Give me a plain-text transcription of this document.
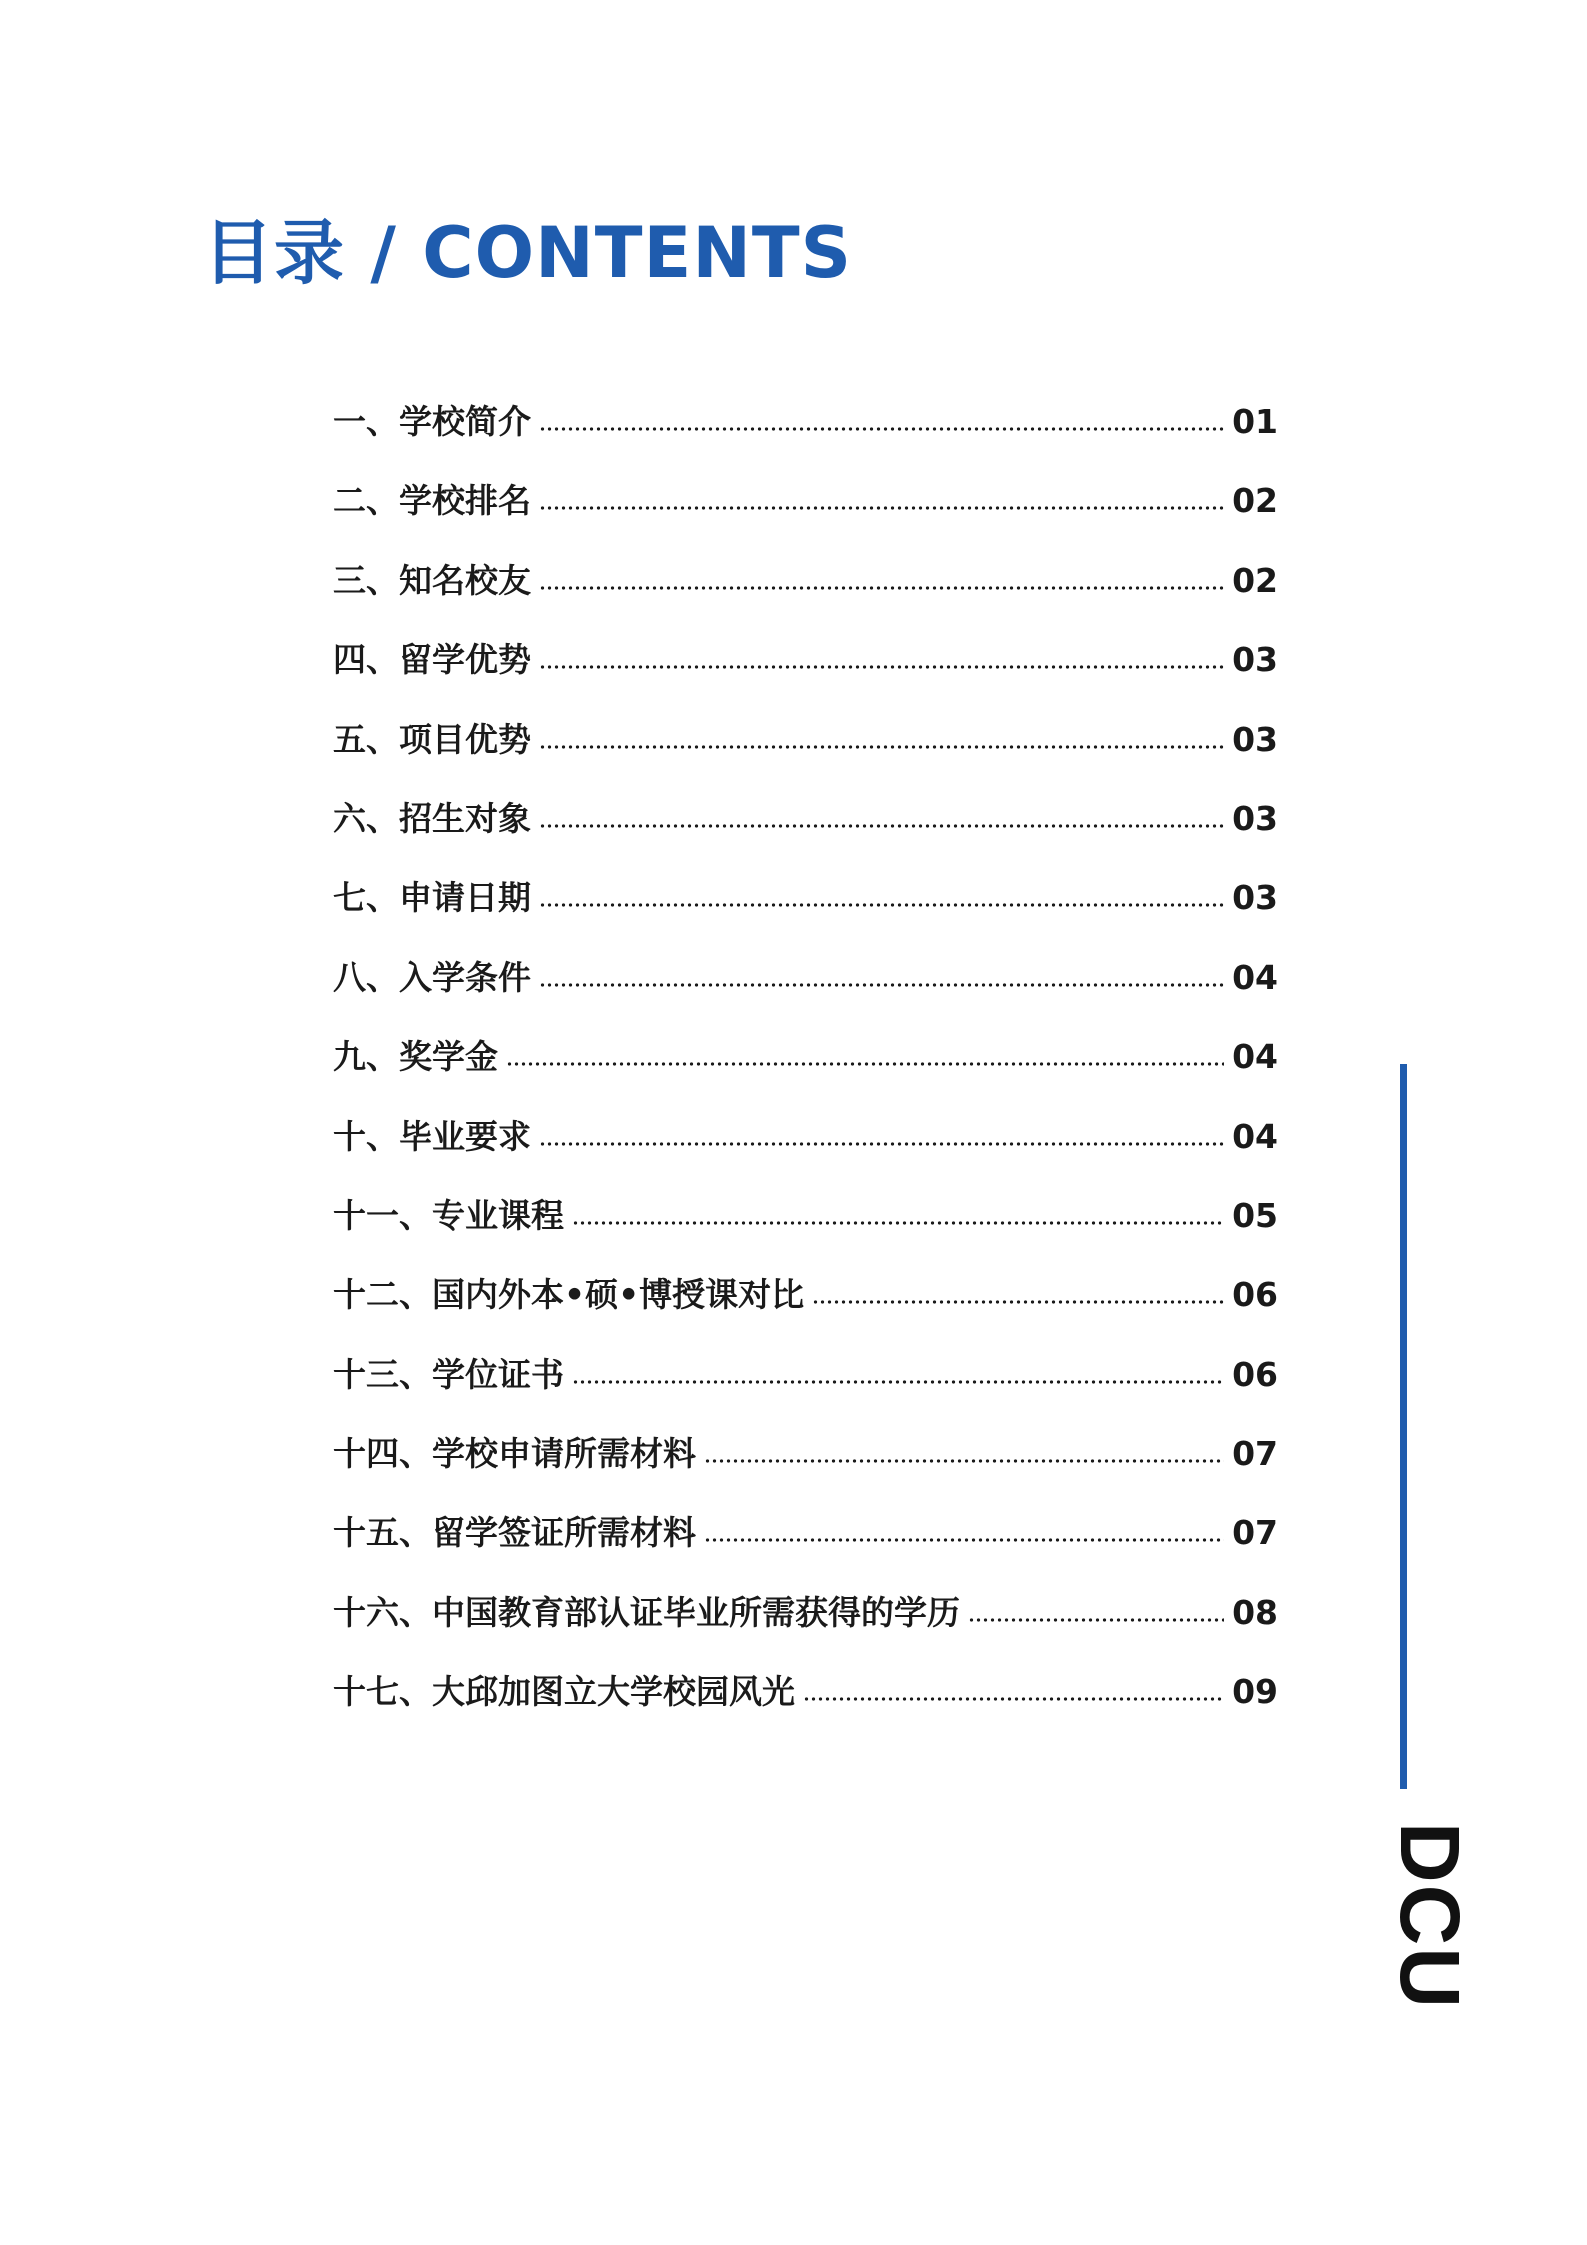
目录 / CONTENTS
一、学校简介	01
二、学校排名	02
三、知名校友	02
四、留学优势	03
五、项目优势	03
六、招生对象	03
七、申请日期	03
八、入学条件	04
九、奖学金	04
十、毕业要求	04
十一、专业课程	05
十二、国内外本•硕•博授课对比	06
十三、学位证书	06
十四、学校申请所需材料	07
十五、留学签证所需材料	07
十六、中国教育部认证毕业所需获得的学历	08
十七、大邱加图立大学校园风光	09
DCU
